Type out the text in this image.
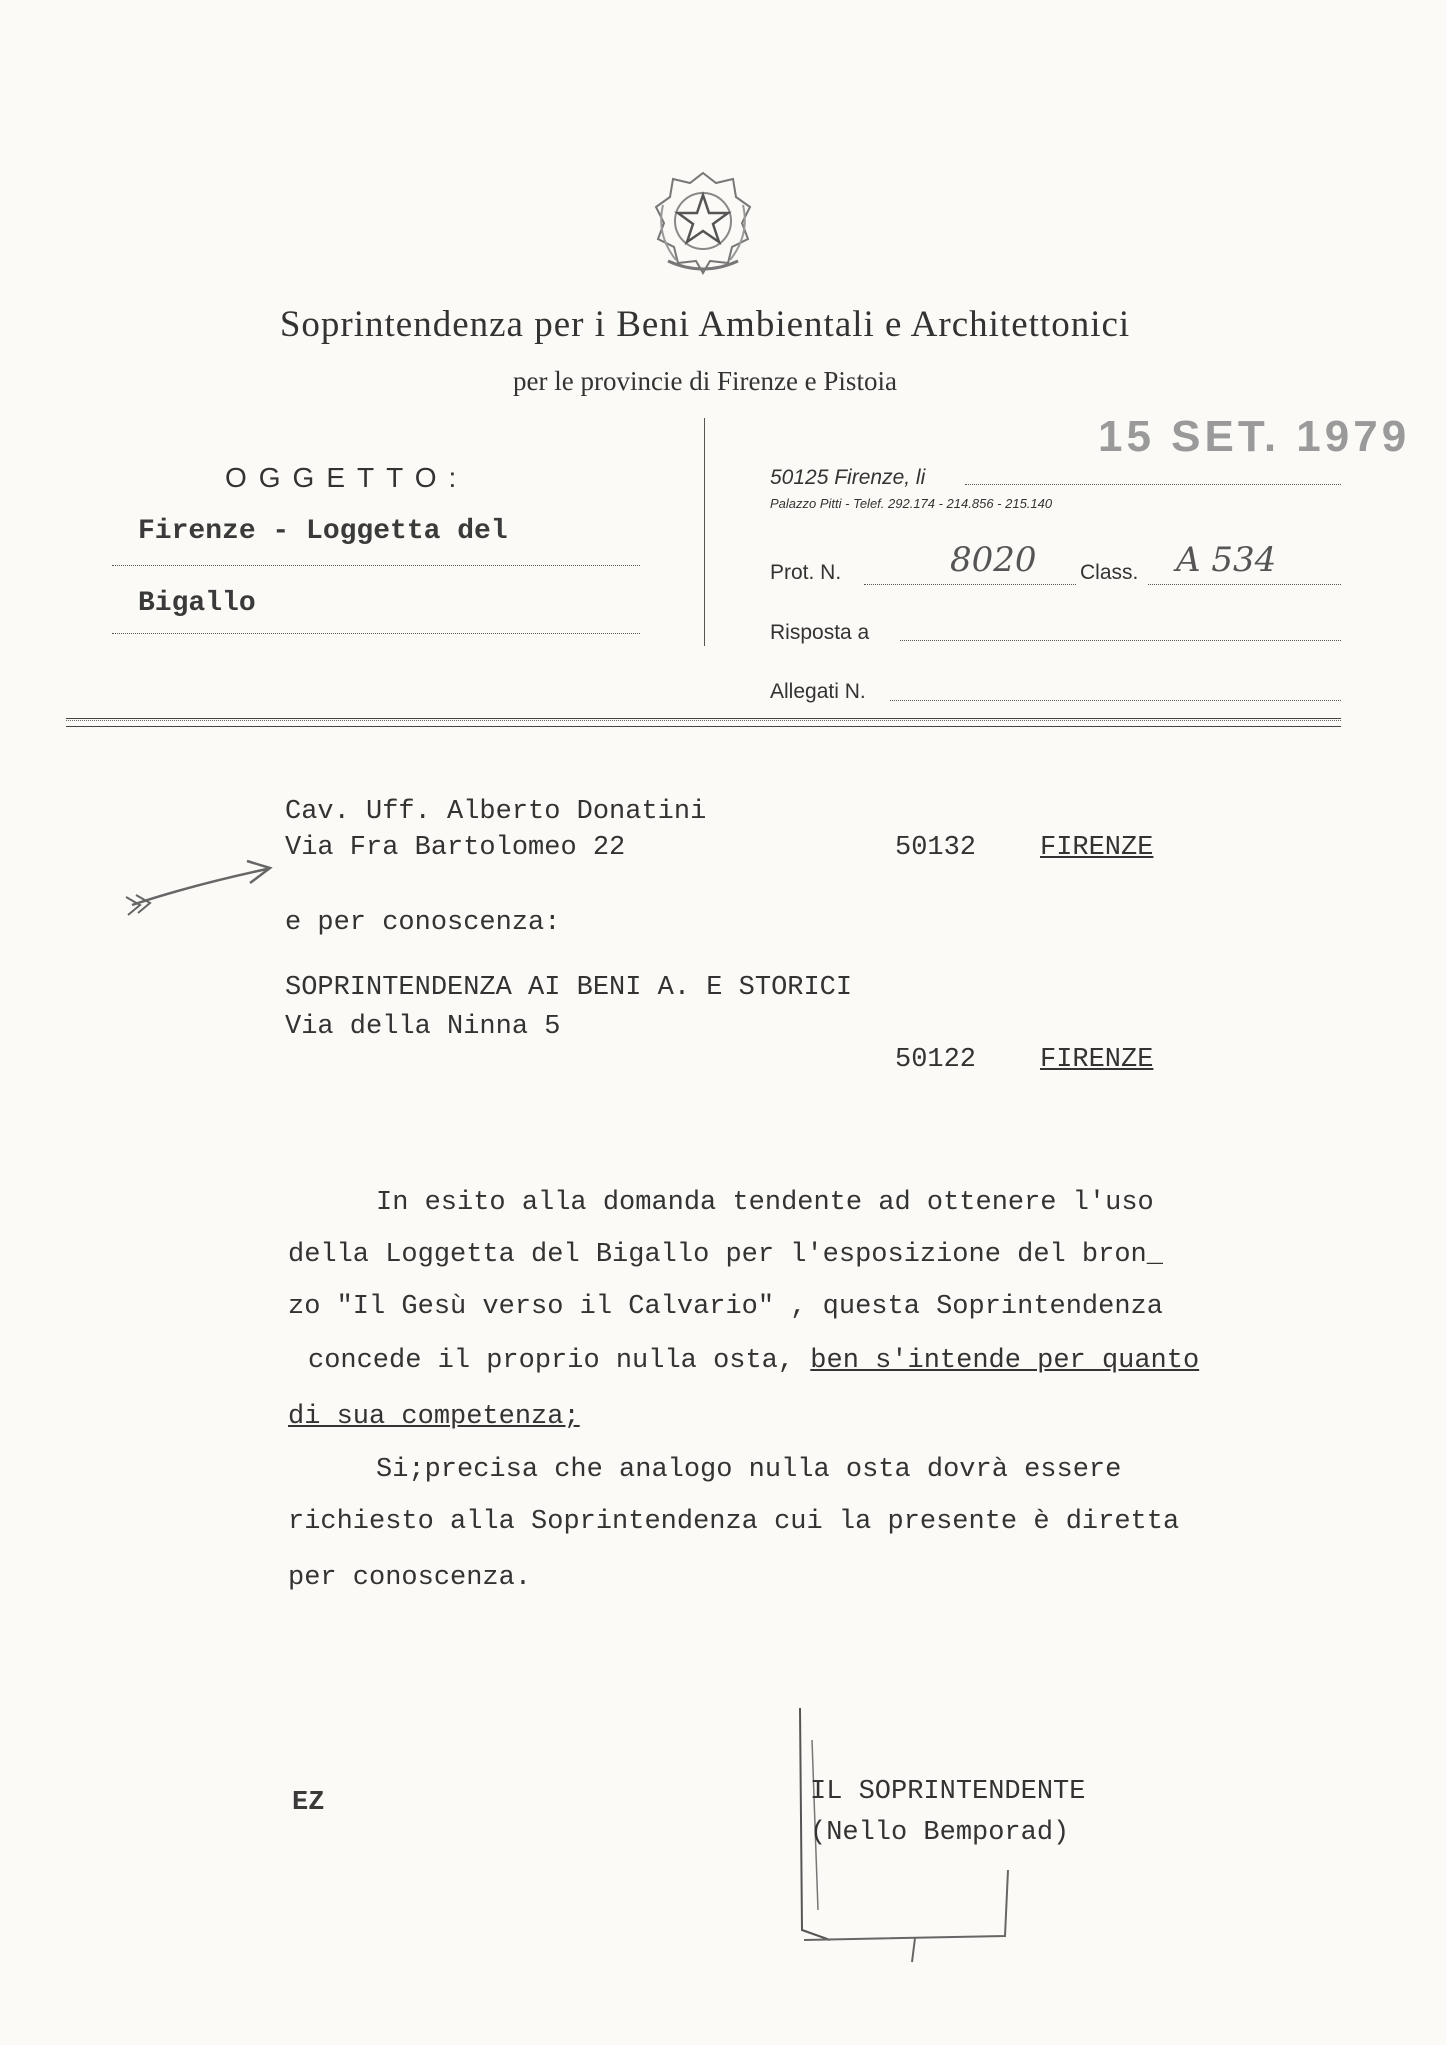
Soprintendenza per i Beni Ambientali e Architettonici
per le provincie di Firenze e Pistoia
OGGETTO:
Firenze - Loggetta del
Bigallo
15 SET. 1979
50125 Firenze, li
Palazzo Pitti - Telef. 292.174 - 214.856 - 215.140
Prot. N.	8020 Class. A 534
Risposta a
Allegati N.
Cav. Uff. Alberto Donatini
Via Fra Bartolomeo 22	50132 FIRENZE
e per conoscenza:
SOPRINTENDENZA AI BENI A. E STORICI
Via della Ninna 5
50122 FIRENZE
In esito alla domanda tendente ad ottenere l'uso
della Loggetta del Bigallo per l'esposizione del bron_
zo "Il Gesù verso il Calvario" , questa Soprintendenza
concede il proprio nulla osta, ben s'intende per quanto
di sua competenza;
Si;precisa che analogo nulla osta dovrà essere
richiesto alla Soprintendenza cui la presente è diretta
per conoscenza.
EZ	IL SOPRINTENDENTE
(Nello Bemporad)
